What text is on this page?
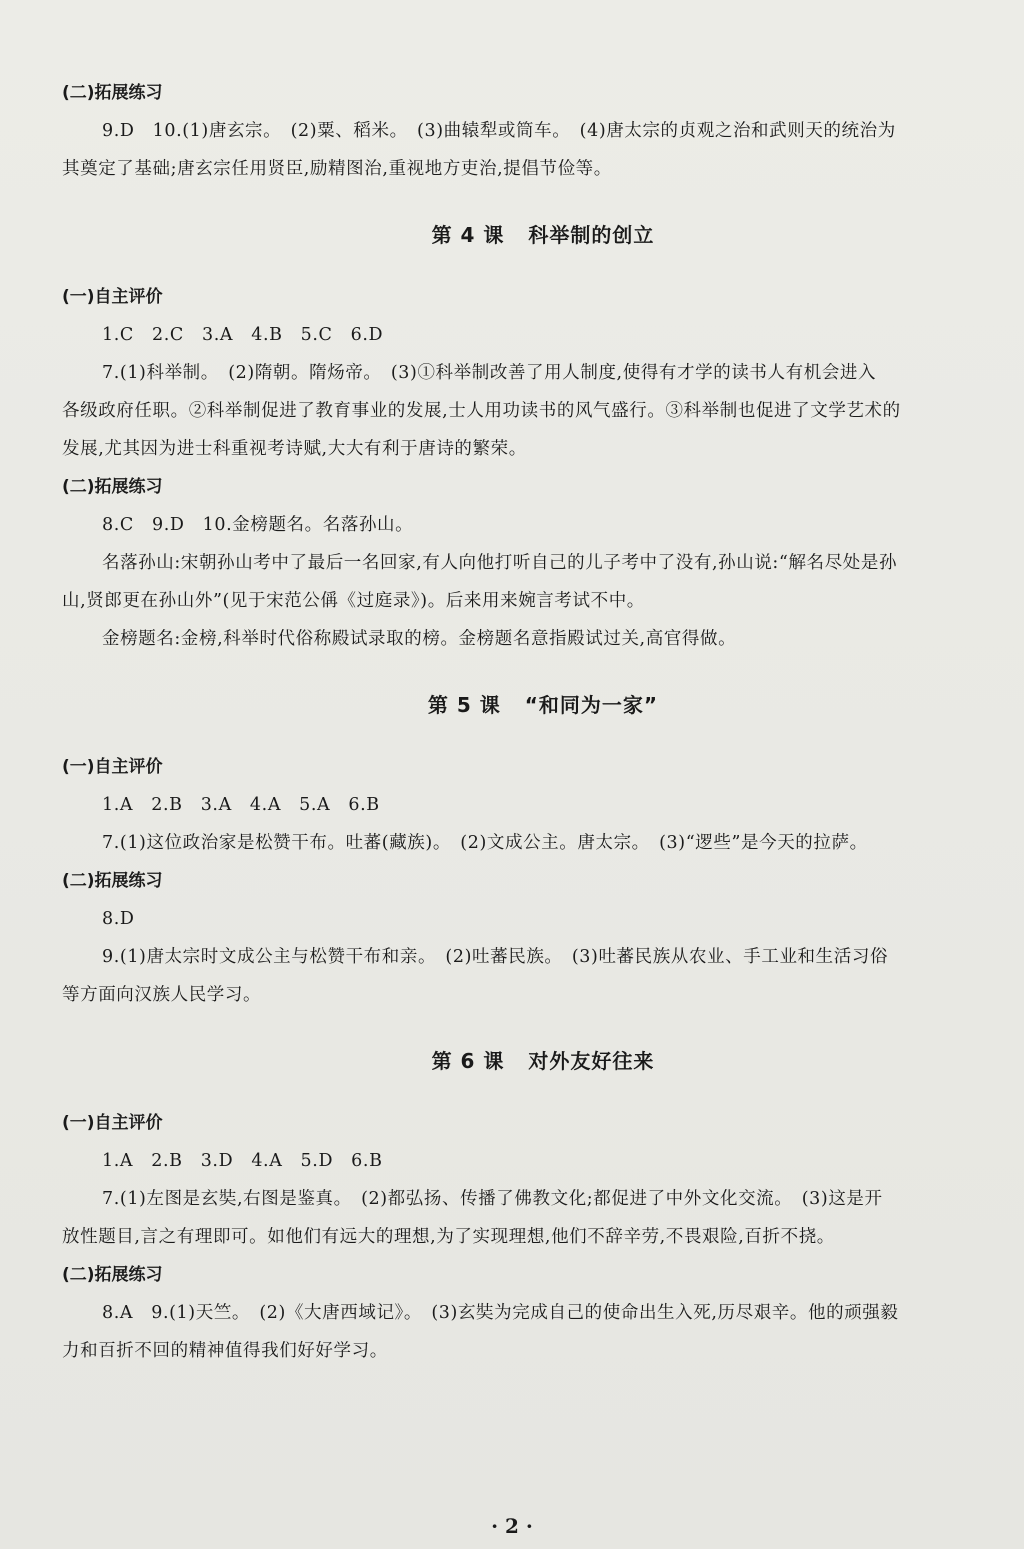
(二)拓展练习

9.D　10.(1)唐玄宗。　(2)粟、稻米。　(3)曲辕犁或筒车。　(4)唐太宗的贞观之治和武则天的统治为

其奠定了基础;唐玄宗任用贤臣,励精图治,重视地方吏治,提倡节俭等。

第 4 课 科举制的创立
(一)自主评价

1.C　2.C　3.A　4.B　5.C　6.D

7.(1)科举制。　(2)隋朝。隋炀帝。　(3)①科举制改善了用人制度,使得有才学的读书人有机会进入

各级政府任职。②科举制促进了教育事业的发展,士人用功读书的风气盛行。③科举制也促进了文学艺术的

发展,尤其因为进士科重视考诗赋,大大有利于唐诗的繁荣。

(二)拓展练习

8.C　9.D　10.金榜题名。名落孙山。

名落孙山:宋朝孙山考中了最后一名回家,有人向他打听自己的儿子考中了没有,孙山说:“解名尽处是孙

山,贤郎更在孙山外”(见于宋范公偁《过庭录》)。后来用来婉言考试不中。

金榜题名:金榜,科举时代俗称殿试录取的榜。金榜题名意指殿试过关,高官得做。

第 5 课 “和同为一家”
(一)自主评价

1.A　2.B　3.A　4.A　5.A　6.B

7.(1)这位政治家是松赞干布。吐蕃(藏族)。　(2)文成公主。唐太宗。　(3)“逻些”是今天的拉萨。

(二)拓展练习

8.D

9.(1)唐太宗时文成公主与松赞干布和亲。　(2)吐蕃民族。　(3)吐蕃民族从农业、手工业和生活习俗

等方面向汉族人民学习。

第 6 课 对外友好往来
(一)自主评价

1.A　2.B　3.D　4.A　5.D　6.B

7.(1)左图是玄奘,右图是鉴真。　(2)都弘扬、传播了佛教文化;都促进了中外文化交流。　(3)这是开

放性题目,言之有理即可。如他们有远大的理想,为了实现理想,他们不辞辛劳,不畏艰险,百折不挠。

(二)拓展练习

8.A　9.(1)天竺。　(2)《大唐西域记》。　(3)玄奘为完成自己的使命出生入死,历尽艰辛。他的顽强毅

力和百折不回的精神值得我们好好学习。

· 2 ·
